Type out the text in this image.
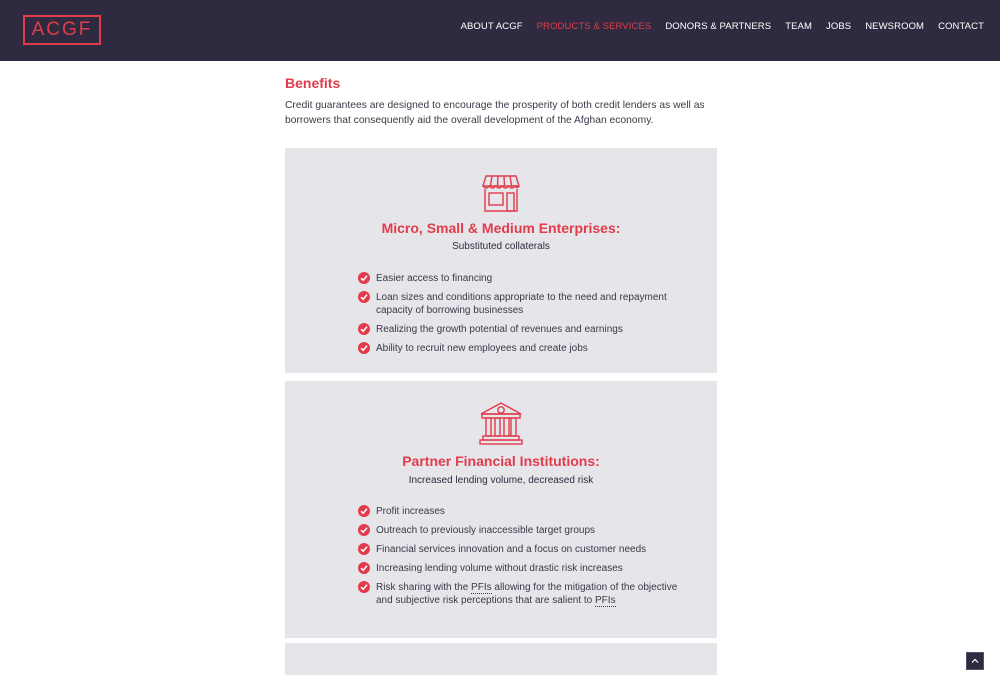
ACGF	ABOUT ACGF PRODUCTS & SERVICES DONORS & PARTNERS TEAM JOBS NEWSROOM CONTACT
Benefits

Credit guarantees are designed to encourage the prosperity of both credit lenders as well as borrowers that consequently aid the overall development of the Afghan economy.

Micro, Small & Medium Enterprises:
Substituted collaterals
Easier access to financing
Loan sizes and conditions appropriate to the need and repayment capacity of borrowing businesses
Realizing the growth potential of revenues and earnings
Ability to recruit new employees and create jobs
Partner Financial Institutions:
Increased lending volume, decreased risk
Profit increases
Outreach to previously inaccessible target groups
Financial services innovation and a focus on customer needs
Increasing lending volume without drastic risk increases
Risk sharing with the PFIs allowing for the mitigation of the objective and subjective risk perceptions that are salient to PFIs
